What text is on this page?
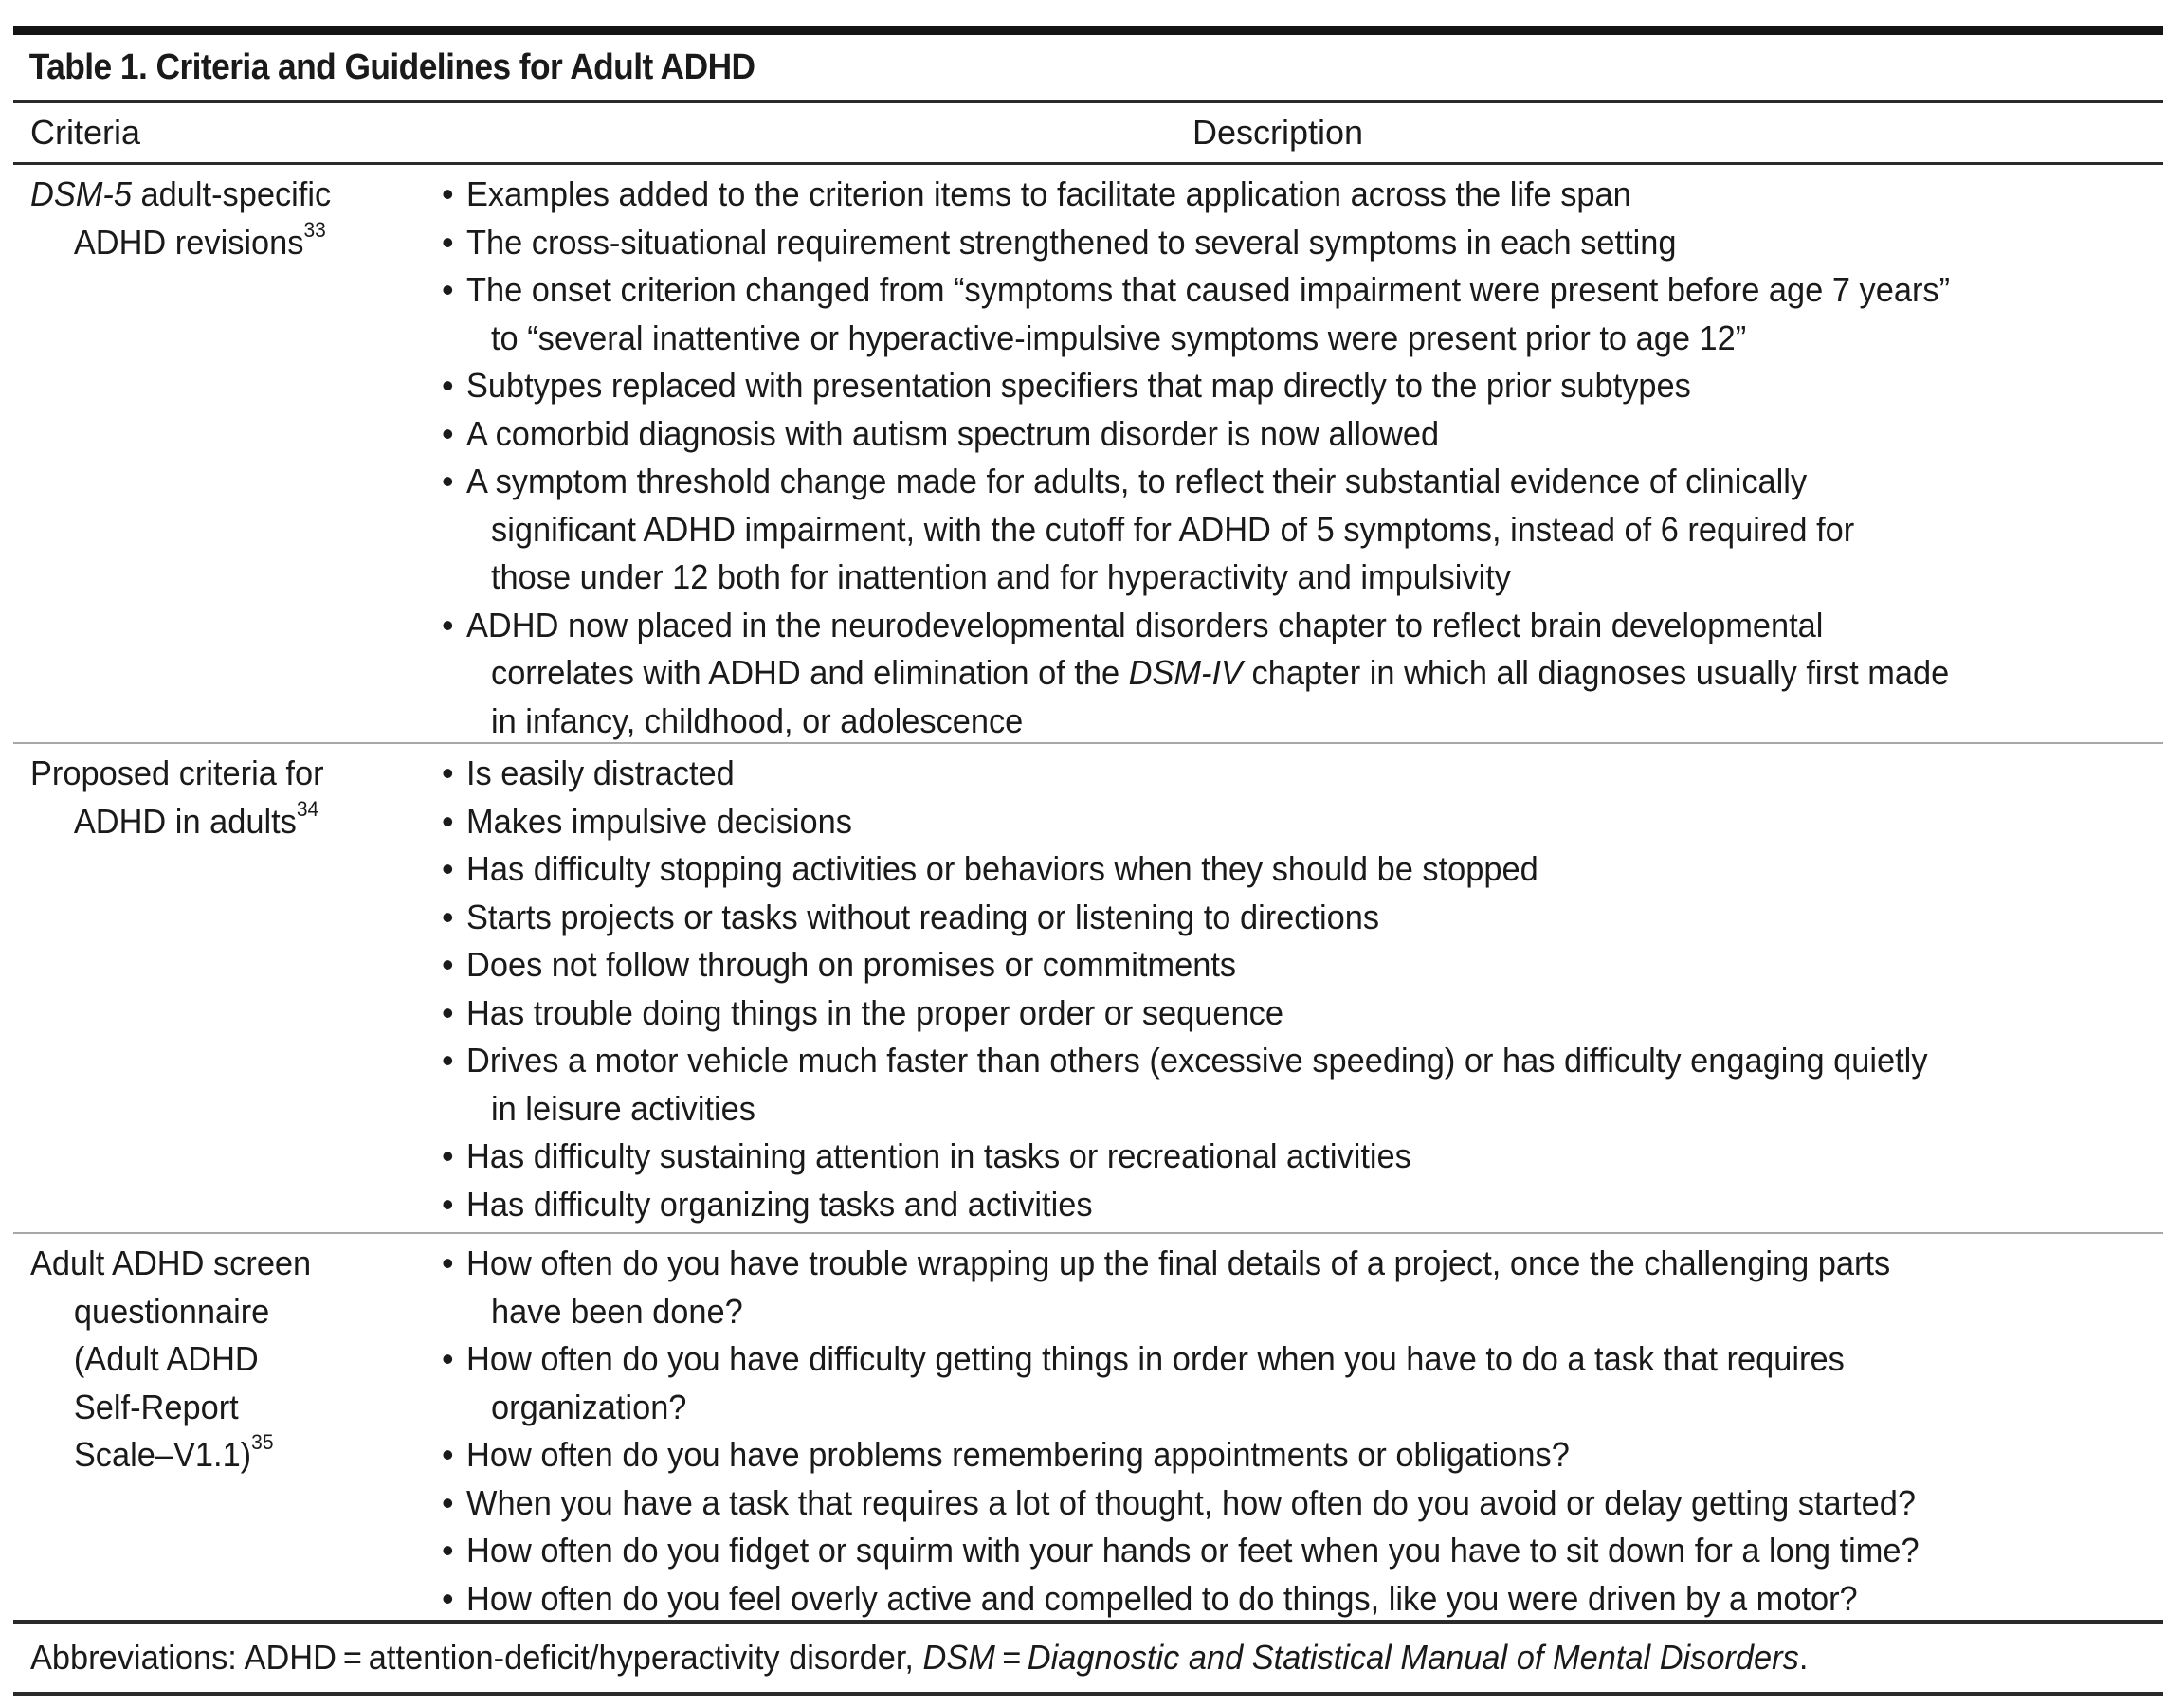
Table 1. Criteria and Guidelines for Adult ADHD
Criteria	Description
DSM-5 adult-specific
ADHD revisions$^{33}$
• Examples added to the criterion items to facilitate application across the life span
• The cross-situational requirement strengthened to several symptoms in each setting
• The onset criterion changed from “symptoms that caused impairment were present before age 7 years”
to “several inattentive or hyperactive-impulsive symptoms were present prior to age 12”
• Subtypes replaced with presentation specifiers that map directly to the prior subtypes
• A comorbid diagnosis with autism spectrum disorder is now allowed
• A symptom threshold change made for adults, to reflect their substantial evidence of clinically
significant ADHD impairment, with the cutoff for ADHD of 5 symptoms, instead of 6 required for
those under 12 both for inattention and for hyperactivity and impulsivity
• ADHD now placed in the neurodevelopmental disorders chapter to reflect brain developmental
correlates with ADHD and elimination of the DSM-IV chapter in which all diagnoses usually first made
in infancy, childhood, or adolescence
Proposed criteria for
ADHD in adults$^{34}$
• Is easily distracted
• Makes impulsive decisions
• Has difficulty stopping activities or behaviors when they should be stopped
• Starts projects or tasks without reading or listening to directions
• Does not follow through on promises or commitments
• Has trouble doing things in the proper order or sequence
• Drives a motor vehicle much faster than others (excessive speeding) or has difficulty engaging quietly
in leisure activities
• Has difficulty sustaining attention in tasks or recreational activities
• Has difficulty organizing tasks and activities
Adult ADHD screen
questionnaire
(Adult ADHD
Self-Report
Scale–V1.1)$^{35}$
• How often do you have trouble wrapping up the final details of a project, once the challenging parts
have been done?
• How often do you have difficulty getting things in order when you have to do a task that requires
organization?
• How often do you have problems remembering appointments or obligations?
• When you have a task that requires a lot of thought, how often do you avoid or delay getting started?
• How often do you fidget or squirm with your hands or feet when you have to sit down for a long time?
• How often do you feel overly active and compelled to do things, like you were driven by a motor?
Abbreviations: ADHD = attention-deficit/hyperactivity disorder, DSM = Diagnostic and Statistical Manual of Mental Disorders.
